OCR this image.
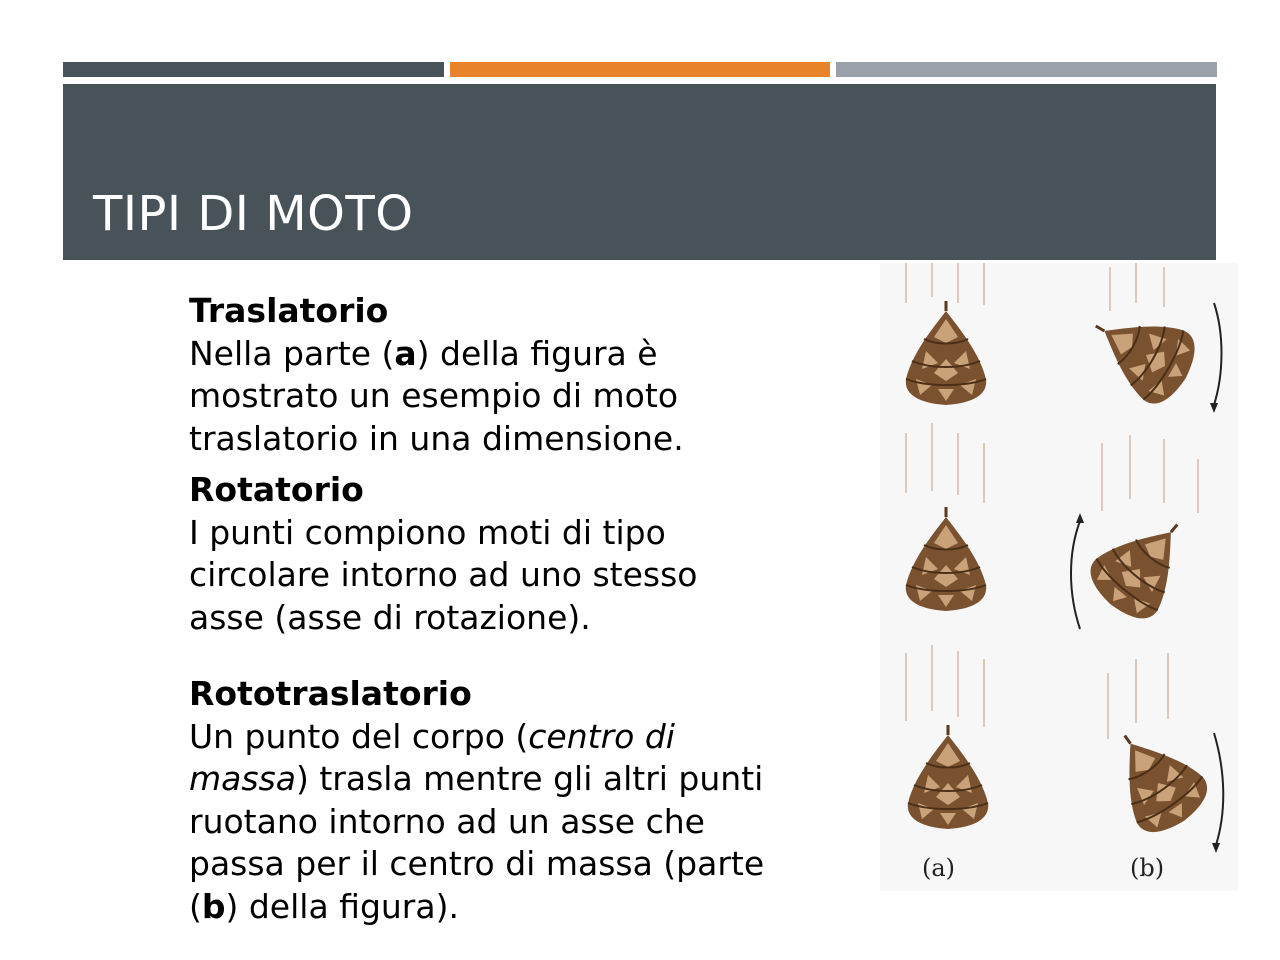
TIPI DI MOTO

Traslatorio

Nella parte (a) della figura è

mostrato un esempio di moto

traslatorio in una dimensione.

Rotatorio

I punti compiono moti di tipo

circolare intorno ad uno stesso

asse (asse di rotazione).

Rototraslatorio

Un punto del corpo (centro di

massa) trasla mentre gli altri punti

ruotano intorno ad un asse che

passa per il centro di massa (parte

(b) della figura).

(a)	(b)
